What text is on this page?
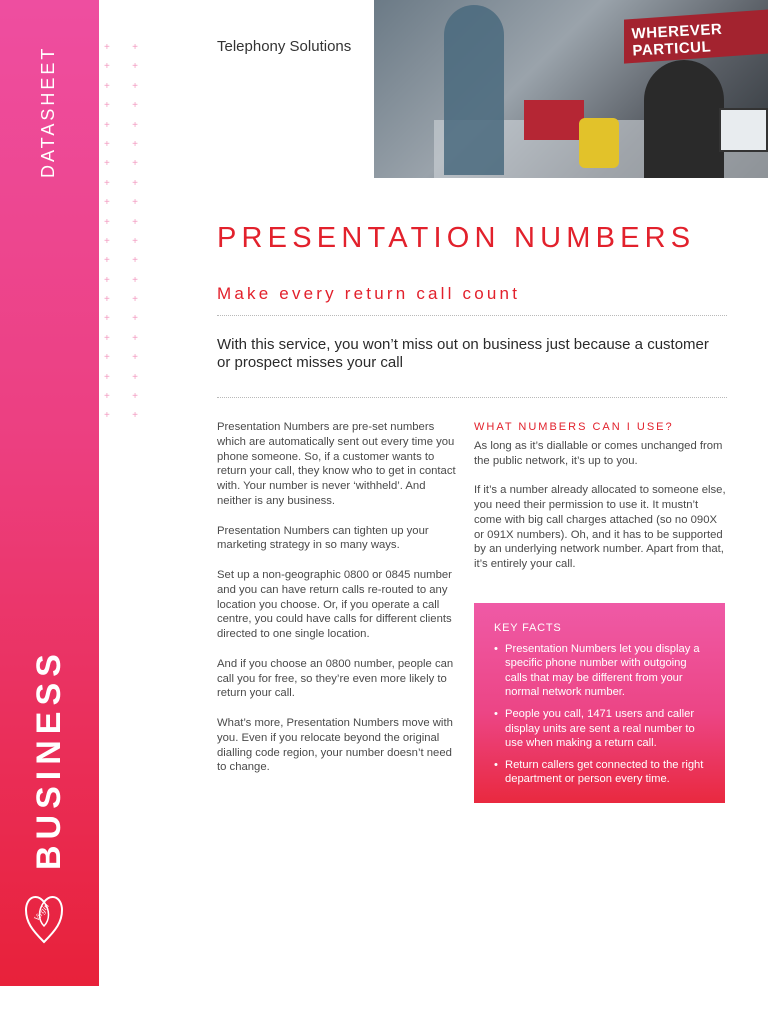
DATASHEET
BUSINESS
Virgin
+ +
+ +
+ +
+ +
+ +
+ +
+ +
+ +
+ +
+ +
+ +
+ +
+ +
+ +
+ +
+ +
+ +
+ +
+ +
+ +
Telephony Solutions
WHEREVER PARTICUL
PRESENTATION NUMBERS
Make every return call count
With this service, you won’t miss out on business just because a customer or prospect misses your call

Presentation Numbers are pre-set numbers which are automatically sent out every time you phone someone. So, if a customer wants to return your call, they know who to get in contact with. Your number is never ‘withheld’. And neither is any business.

Presentation Numbers can tighten up your marketing strategy in so many ways.

Set up a non-geographic 0800 or 0845 number and you can have return calls re-routed to any location you choose. Or, if you operate a call centre, you could have calls for different clients directed to one single location.

And if you choose an 0800 number, people can call you for free, so they’re even more likely to return your call.

What’s more, Presentation Numbers move with you. Even if you relocate beyond the original dialling code region, your number doesn’t need to change.

WHAT NUMBERS CAN I USE?

As long as it’s diallable or comes unchanged from the public network, it’s up to you.

If it’s a number already allocated to someone else, you need their permission to use it. It mustn’t come with big call charges attached (so no 090X or 091X numbers). Oh, and it has to be supported by an underlying network number. Apart from that, it’s entirely your call.

KEY FACTS
• Presentation Numbers let you display a specific phone number with outgoing calls that may be different from your normal network number.
• People you call, 1471 users and caller display units are sent a real number to use when making a return call.
• Return callers get connected to the right department or person every time.
